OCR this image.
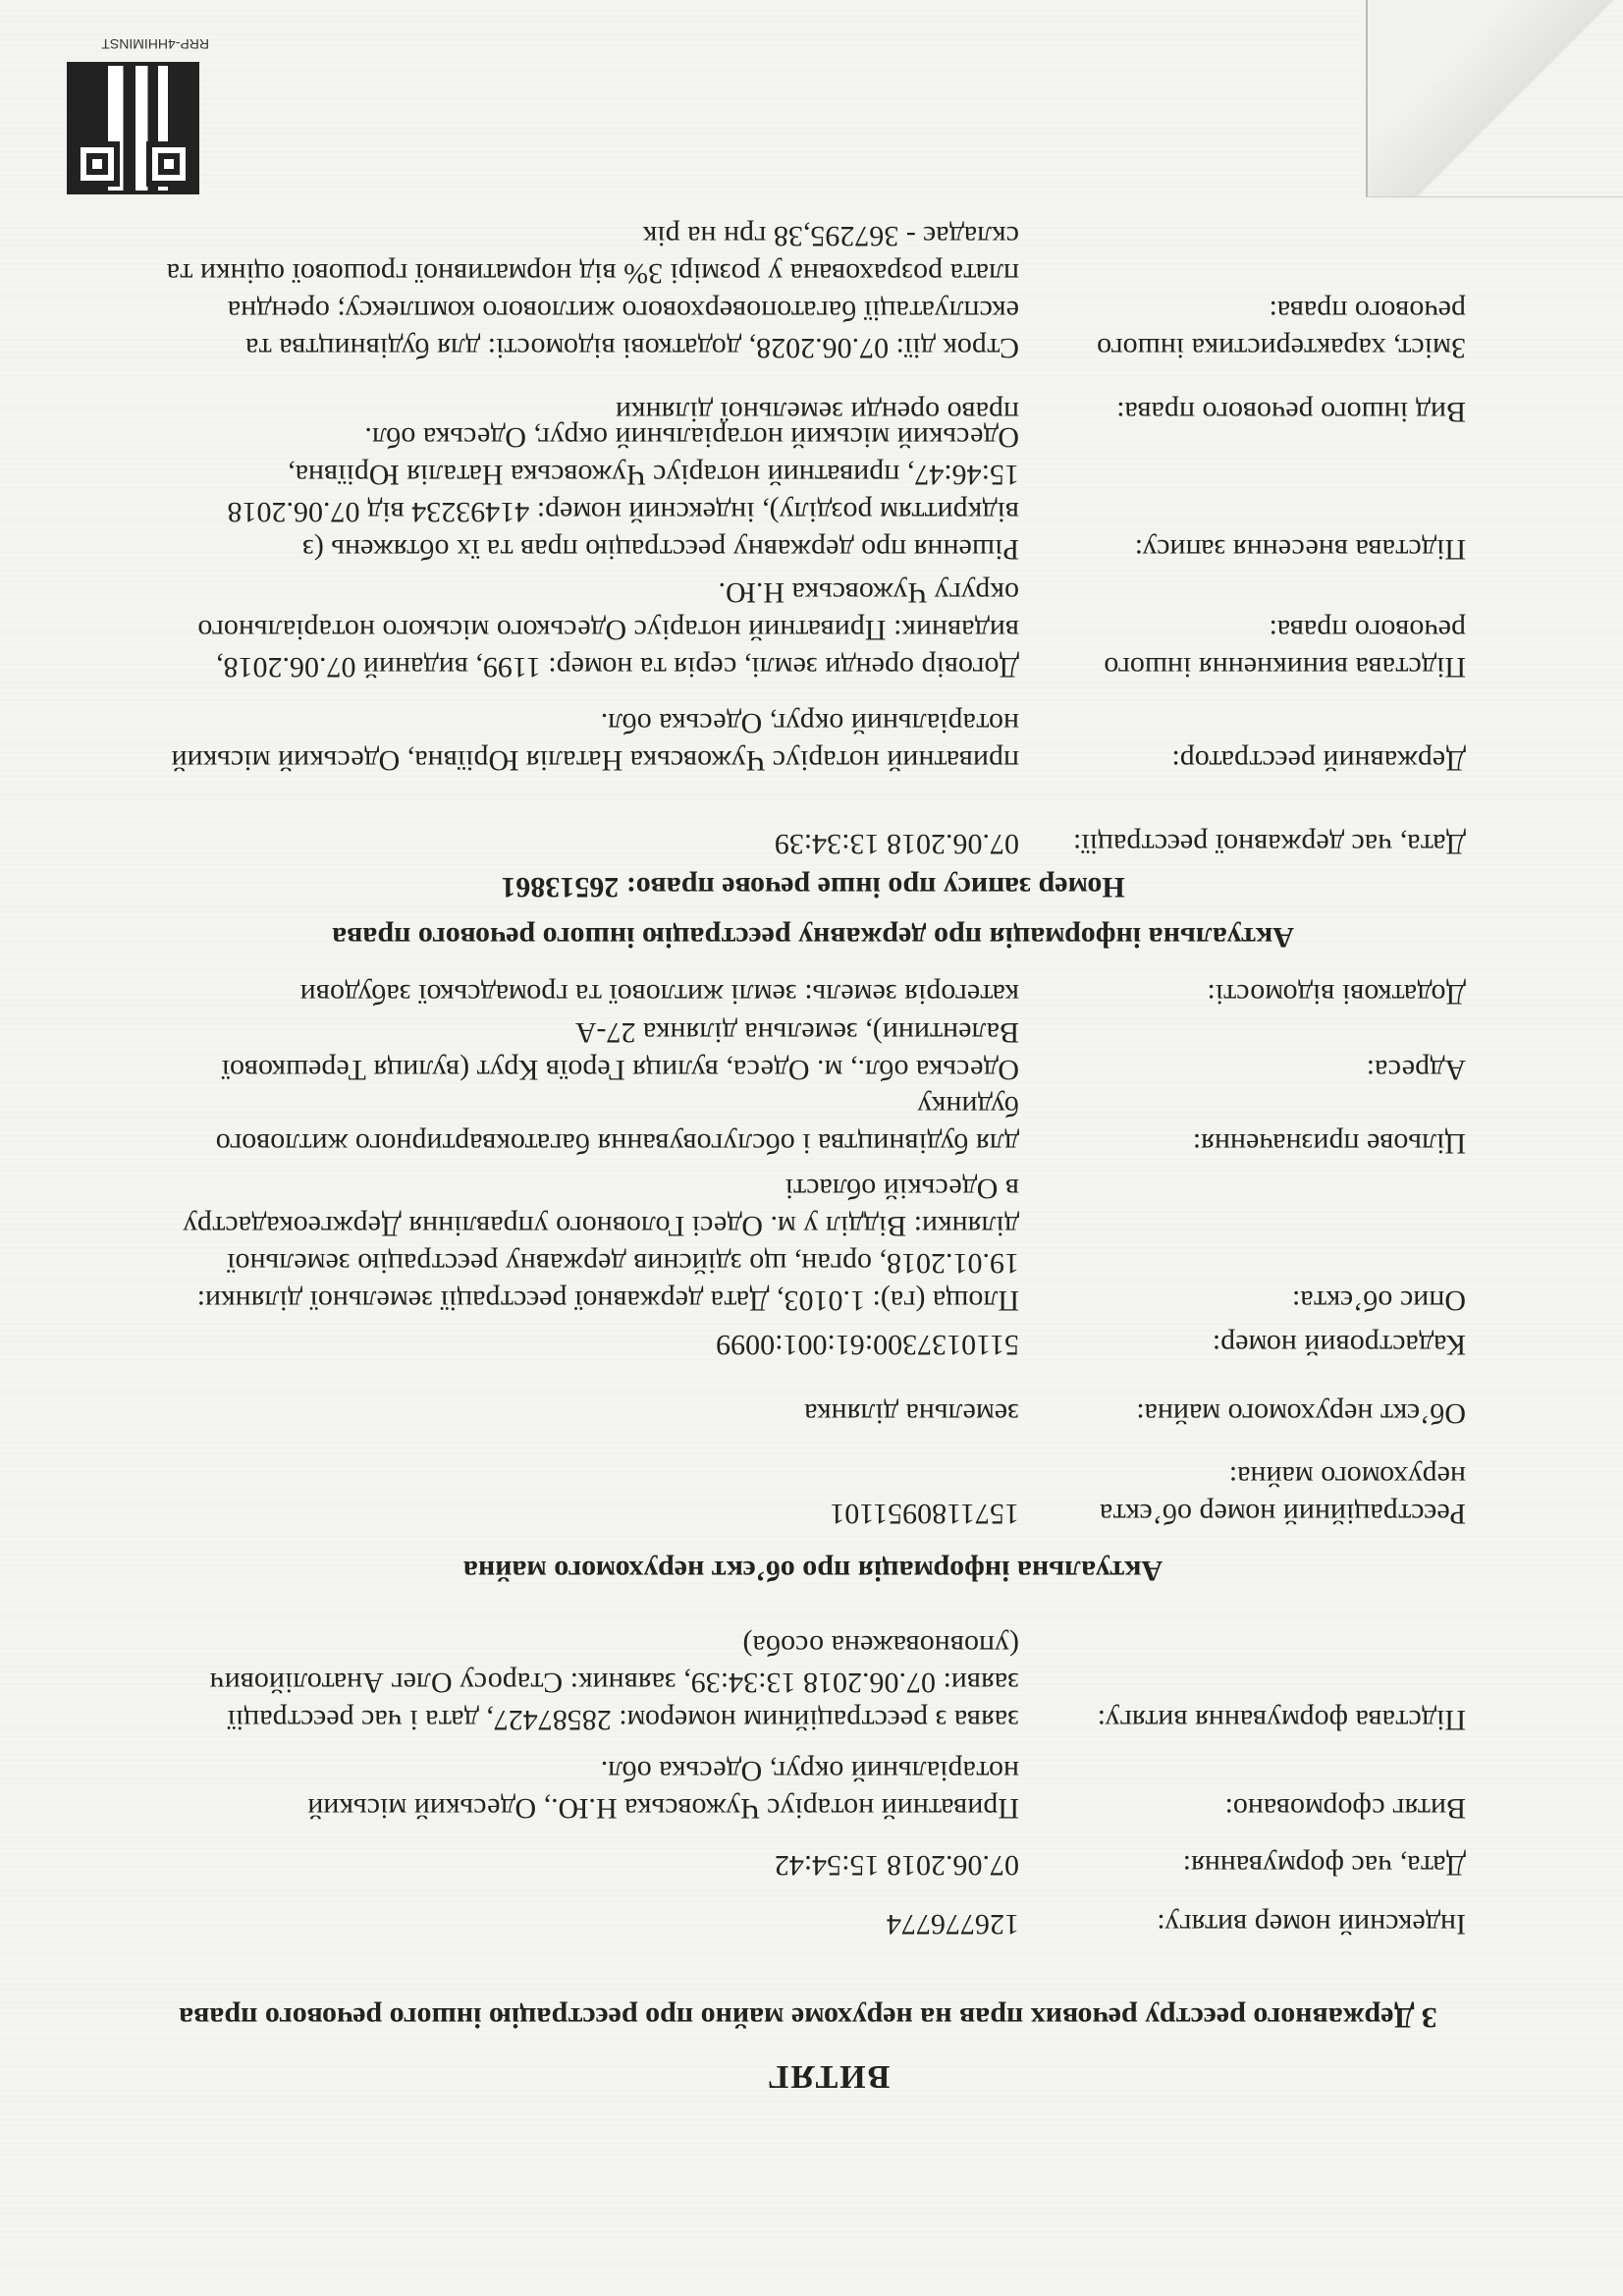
ВИТЯГ
З Державного реєстру речових прав на нерухоме майно про реєстрацію іншого речового права
Індексний номер витягу:
126776774
Дата, час формування:
07.06.2018 15:54:42
Витяг сформовано:
Приватний нотаріус Чужовська Н.Ю., Одеський міський нотаріальний округ, Одеська обл.
Підстава формування витягу:
заява з реєстраційним номером: 28587427, дата і час реєстрації заяви: 07.06.2018 13:34:39, заявник: Старосу Олег Анатолійович (уповноважена особа)
Актуальна інформація про об’єкт нерухомого майна
Реєстраційний номер об’єкта нерухомого майна:
1571180951101
Об’єкт нерухомого майна:
земельна ділянка
Кадастровий номер:
5110137300:61:001:0099
Опис об’єкта:
Площа (га): 1.0103, Дата державної реєстрації земельної ділянки: 19.01.2018, орган, що здійснив державну реєстрацію земельної ділянки: Відділ у м. Одесі Головного управління Держгеокадастру в Одеській області
Цільове призначення:
для будівництва і обслуговування багатоквартирного житлового будинку
Адреса:
Одеська обл., м. Одеса, вулиця Героїв Крут (вулиця Терешкової Валентини), земельна ділянка 27-А
Додаткові відомості:
категорія земель: землі житлової та громадської забудови
Актуальна інформація про державну реєстрацію іншого речового права
Номер запису про інше речове право: 26513861
Дата, час державної реєстрації:
07.06.2018 13:34:39
Державний реєстратор:
приватний нотаріус Чужовська Наталія Юріївна, Одеський міський нотаріальний округ, Одеська обл.
Підстава виникнення іншого речового права:
Договір оренди землі, серія та номер: 1199, виданий 07.06.2018, видавник: Приватний нотаріус Одеського міського нотаріального округу Чужовська Н.Ю.
Підстава внесення запису:
Рішення про державну реєстрацію прав та їх обтяжень (з відкриттям розділу), індексний номер: 41493234 від 07.06.2018 15:46:47, приватний нотаріус Чужовська Наталія Юріївна, Одеський міський нотаріальний округ, Одеська обл.
Вид іншого речового права:
право оренди земельної ділянки
Зміст, характеристика іншого речового права:
Строк дії: 07.06.2028, додаткові відомості: для будівництва та експлуатації багатоповерхового житлового комплексу; орендна плата розрахована у розмірі 3% від нормативної грошової оцінки та складає - 367295,38 грн на рік
RRP-4HHIMINST
